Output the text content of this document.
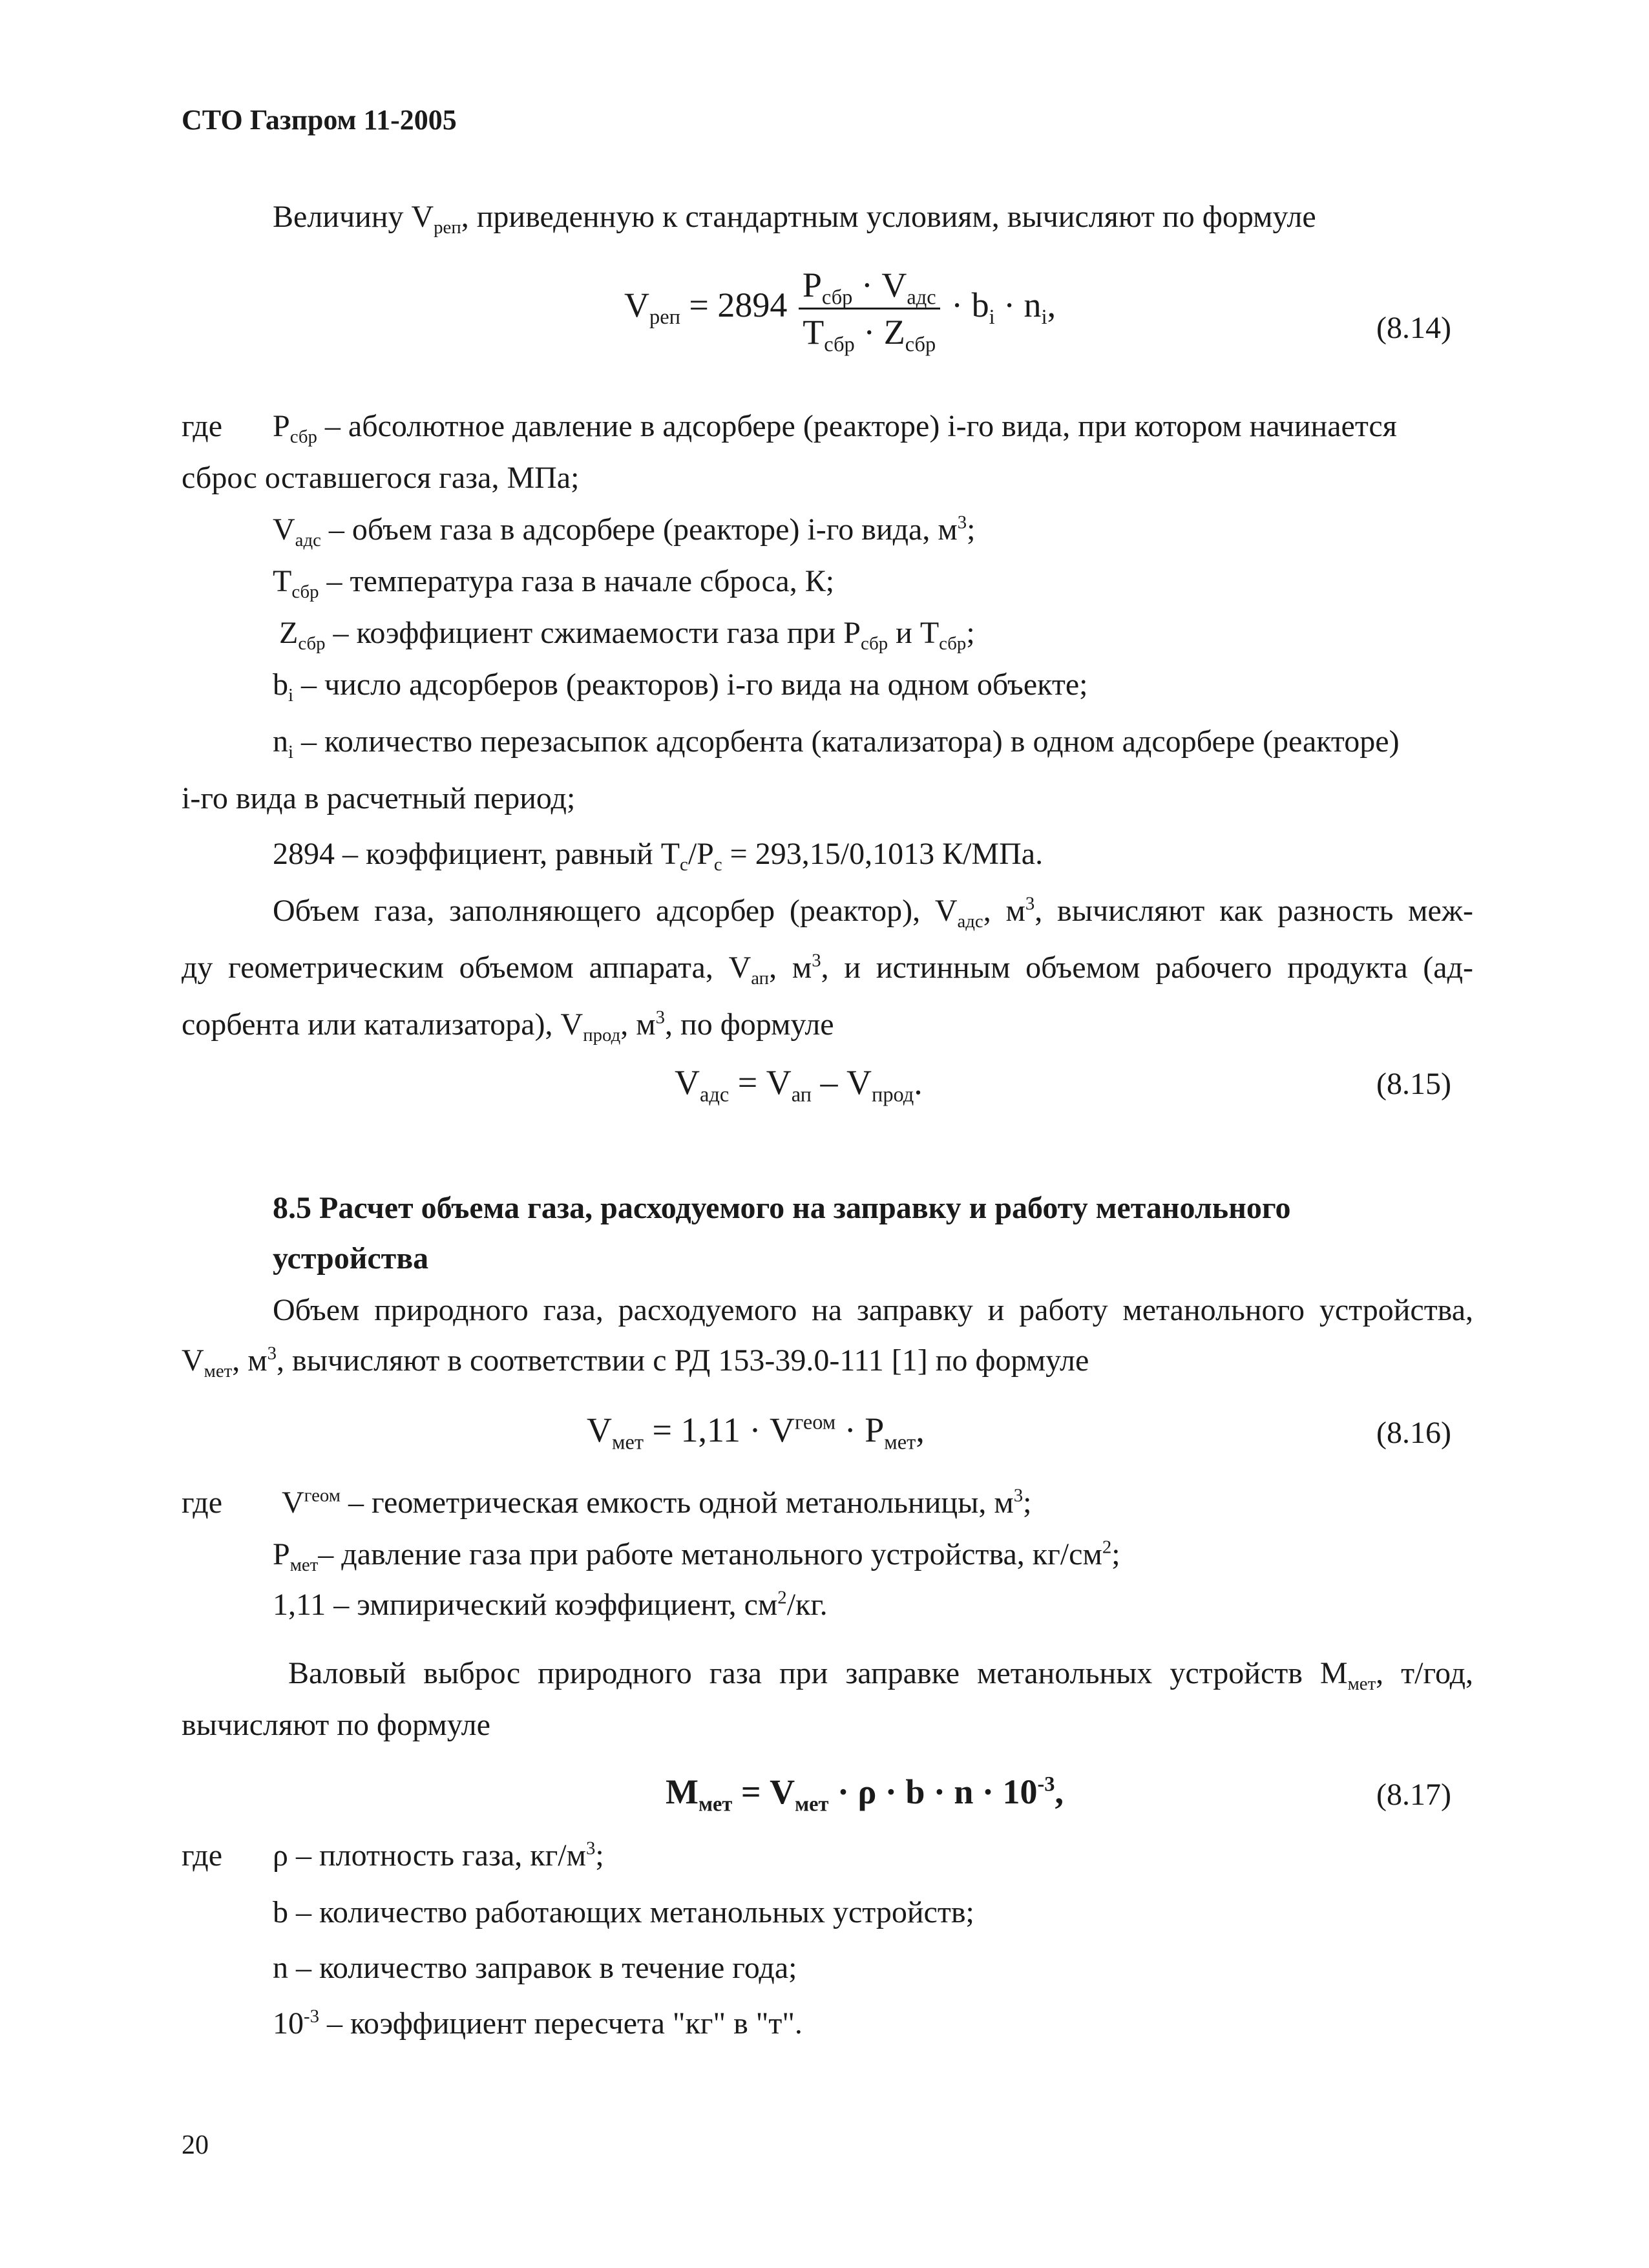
СТО Газпром 11-2005
Величину $V_{реп}$, приведенную к стандартным условиям, вычисляют по формуле
$V_{реп} = 2894 \frac{P_{сбр} \cdot V_{адс}}{T_{сбр} \cdot Z_{сбр}} \cdot b_i \cdot n_i$,
(8.14)
где $P_{сбр}$ – абсолютное давление в адсорбере (реакторе) i-го вида, при котором начинается
сброс оставшегося газа, МПа;
$V_{адс}$ – объем газа в адсорбере (реакторе) i-го вида, $м^3$;
$T_{сбр}$ – температура газа в начале сброса, К;
$Z_{сбр}$ – коэффициент сжимаемости газа при $P_{сбр}$ и $T_{сбр}$;
$b_i$ – число адсорберов (реакторов) i-го вида на одном объекте;
$n_i$ – количество перезасыпок адсорбента (катализатора) в одном адсорбере (реакторе)
i-го вида в расчетный период;
2894 – коэффициент, равный $T_с/P_с = 293,15/0,1013$ К/МПа.
Объем газа, заполняющего адсорбер (реактор), $V_{адс}$, $м^3$, вычисляют как разность меж-
ду геометрическим объемом аппарата, $V_{ап}$, $м^3$, и истинным объемом рабочего продукта (ад-
сорбента или катализатора), $V_{прод}$, $м^3$, по формуле
$V_{адс} = V_{ап} - V_{прод}$.	(8.15)
8.5 Расчет объема газа, расходуемого на заправку и работу метанольного
устройства
Объем природного газа, расходуемого на заправку и работу метанольного устройства,
$V_{мет}$, $м^3$, вычисляют в соответствии с РД 153-39.0-111 [1] по формуле
$V_{мет} = 1,11 \cdot V^{геом} \cdot P_{мет}$,	(8.16)
где $V^{геом}$ – геометрическая емкость одной метанольницы, $м^3$;
$P_{мет}-$ давление газа при работе метанольного устройства, $кг/см^2$;
1,11 – эмпирический коэффициент, $см^2/кг$.
Валовый выброс природного газа при заправке метанольных устройств $M_{мет}$, т/год,
вычисляют по формуле
$M_{мет} = V_{мет} \cdot \rho \cdot b \cdot n \cdot 10^{-3}$,	(8.17)
где ρ – плотность газа, $кг/м^3$;
b – количество работающих метанольных устройств;
n – количество заправок в течение года;
$10^{-3}$ – коэффициент пересчета "кг" в "т".
20
